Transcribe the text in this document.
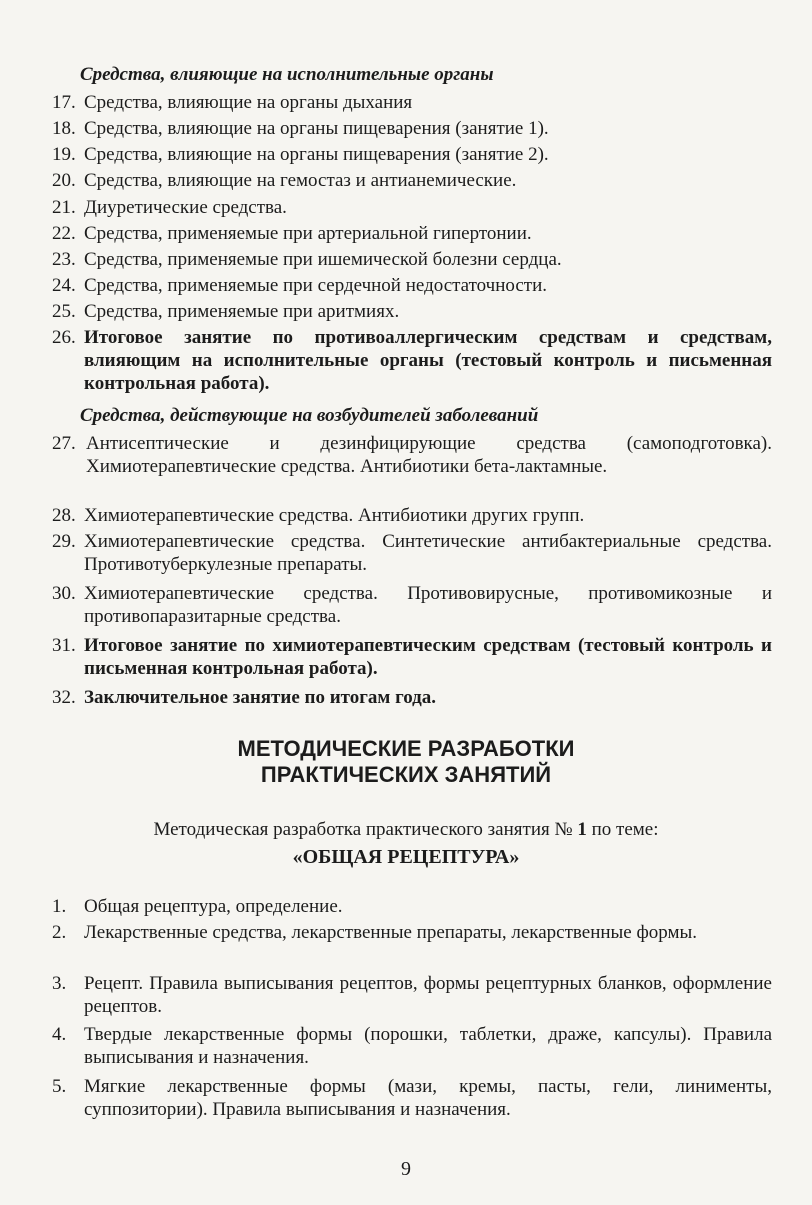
Средства, влияющие на исполнительные органы
17. Средства, влияющие на органы дыхания
18. Средства, влияющие на органы пищеварения (занятие 1).
19. Средства, влияющие на органы пищеварения (занятие 2).
20. Средства, влияющие на гемостаз и антианемические.
21. Диуретические средства.
22. Средства, применяемые при артериальной гипертонии.
23. Средства, применяемые при ишемической болезни сердца.
24. Средства, применяемые при сердечной недостаточности.
25. Средства, применяемые при аритмиях.
26. Итоговое занятие по противоаллергическим средствам и средствам, влияющим на исполнительные органы (тестовый контроль и письменная контрольная работа).
Средства, действующие на возбудителей заболеваний
27. Антисептические и дезинфицирующие средства (самоподготовка). Химиотерапевтические средства. Антибиотики бета-лактамные.
28. Химиотерапевтические средства. Антибиотики других групп.
29. Химиотерапевтические средства. Синтетические антибактериальные средства. Противотуберкулезные препараты.
30. Химиотерапевтические средства. Противовирусные, противомикозные и противопаразитарные средства.
31. Итоговое занятие по химиотерапевтическим средствам (тестовый контроль и письменная контрольная работа).
32. Заключительное занятие по итогам года.
МЕТОДИЧЕСКИЕ РАЗРАБОТКИ
ПРАКТИЧЕСКИХ ЗАНЯТИЙ
Методическая разработка практического занятия № 1 по теме:
«ОБЩАЯ РЕЦЕПТУРА»
1. Общая рецептура, определение.
2. Лекарственные средства, лекарственные препараты, лекарственные формы.
3. Рецепт. Правила выписывания рецептов, формы рецептурных бланков, оформление рецептов.
4. Твердые лекарственные формы (порошки, таблетки, драже, капсулы). Правила выписывания и назначения.
5. Мягкие лекарственные формы (мази, кремы, пасты, гели, линименты, суппозитории). Правила выписывания и назначения.
9
